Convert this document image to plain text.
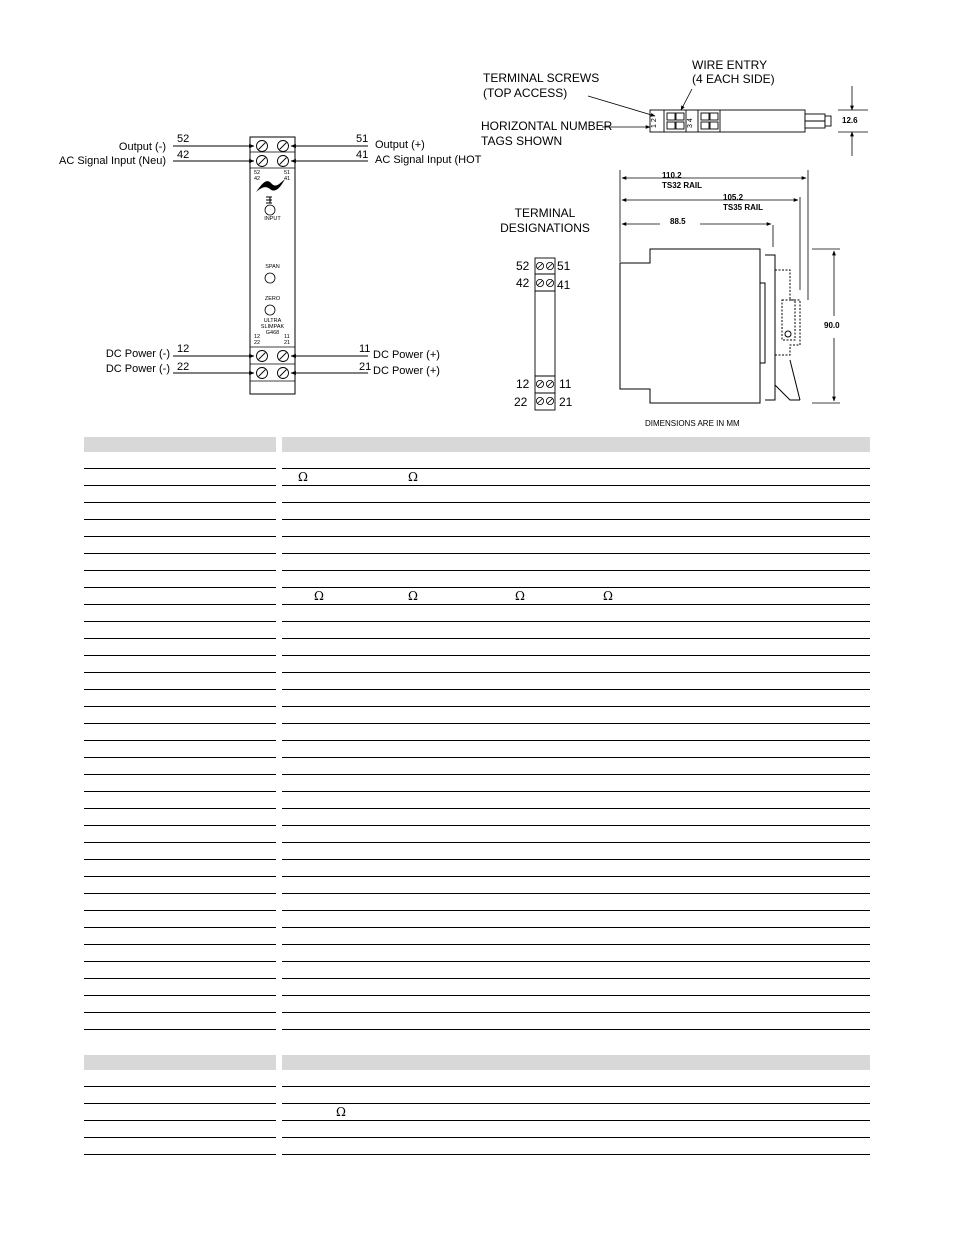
52
Output (-)
42
AC Signal Input (Neu)
51 Output (+)
41 AC Signal Input (HOT
12
DC Power (-)
22
DC Power (-)
11 DC Power (+)
21 DC Power (+)
52
42
51
41
INPUT
SPAN
ZERO
ULTRA
SLIMPAK
G468
12
22
11
21
TERMINAL SCREWS
(TOP ACCESS)
WIRE ENTRY
(4 EACH SIDE)
HORIZONTAL NUMBER
TAGS SHOWN
1 2	3 4	12.6
TERMINAL
DESIGNATIONS
52 51
42 41
12 11
22	21
110.2
TS32 RAIL
105.2
TS35 RAIL
88.5
90.0
DIMENSIONS ARE IN MM
Ω	Ω
Ω	Ω	Ω	Ω
Ω
